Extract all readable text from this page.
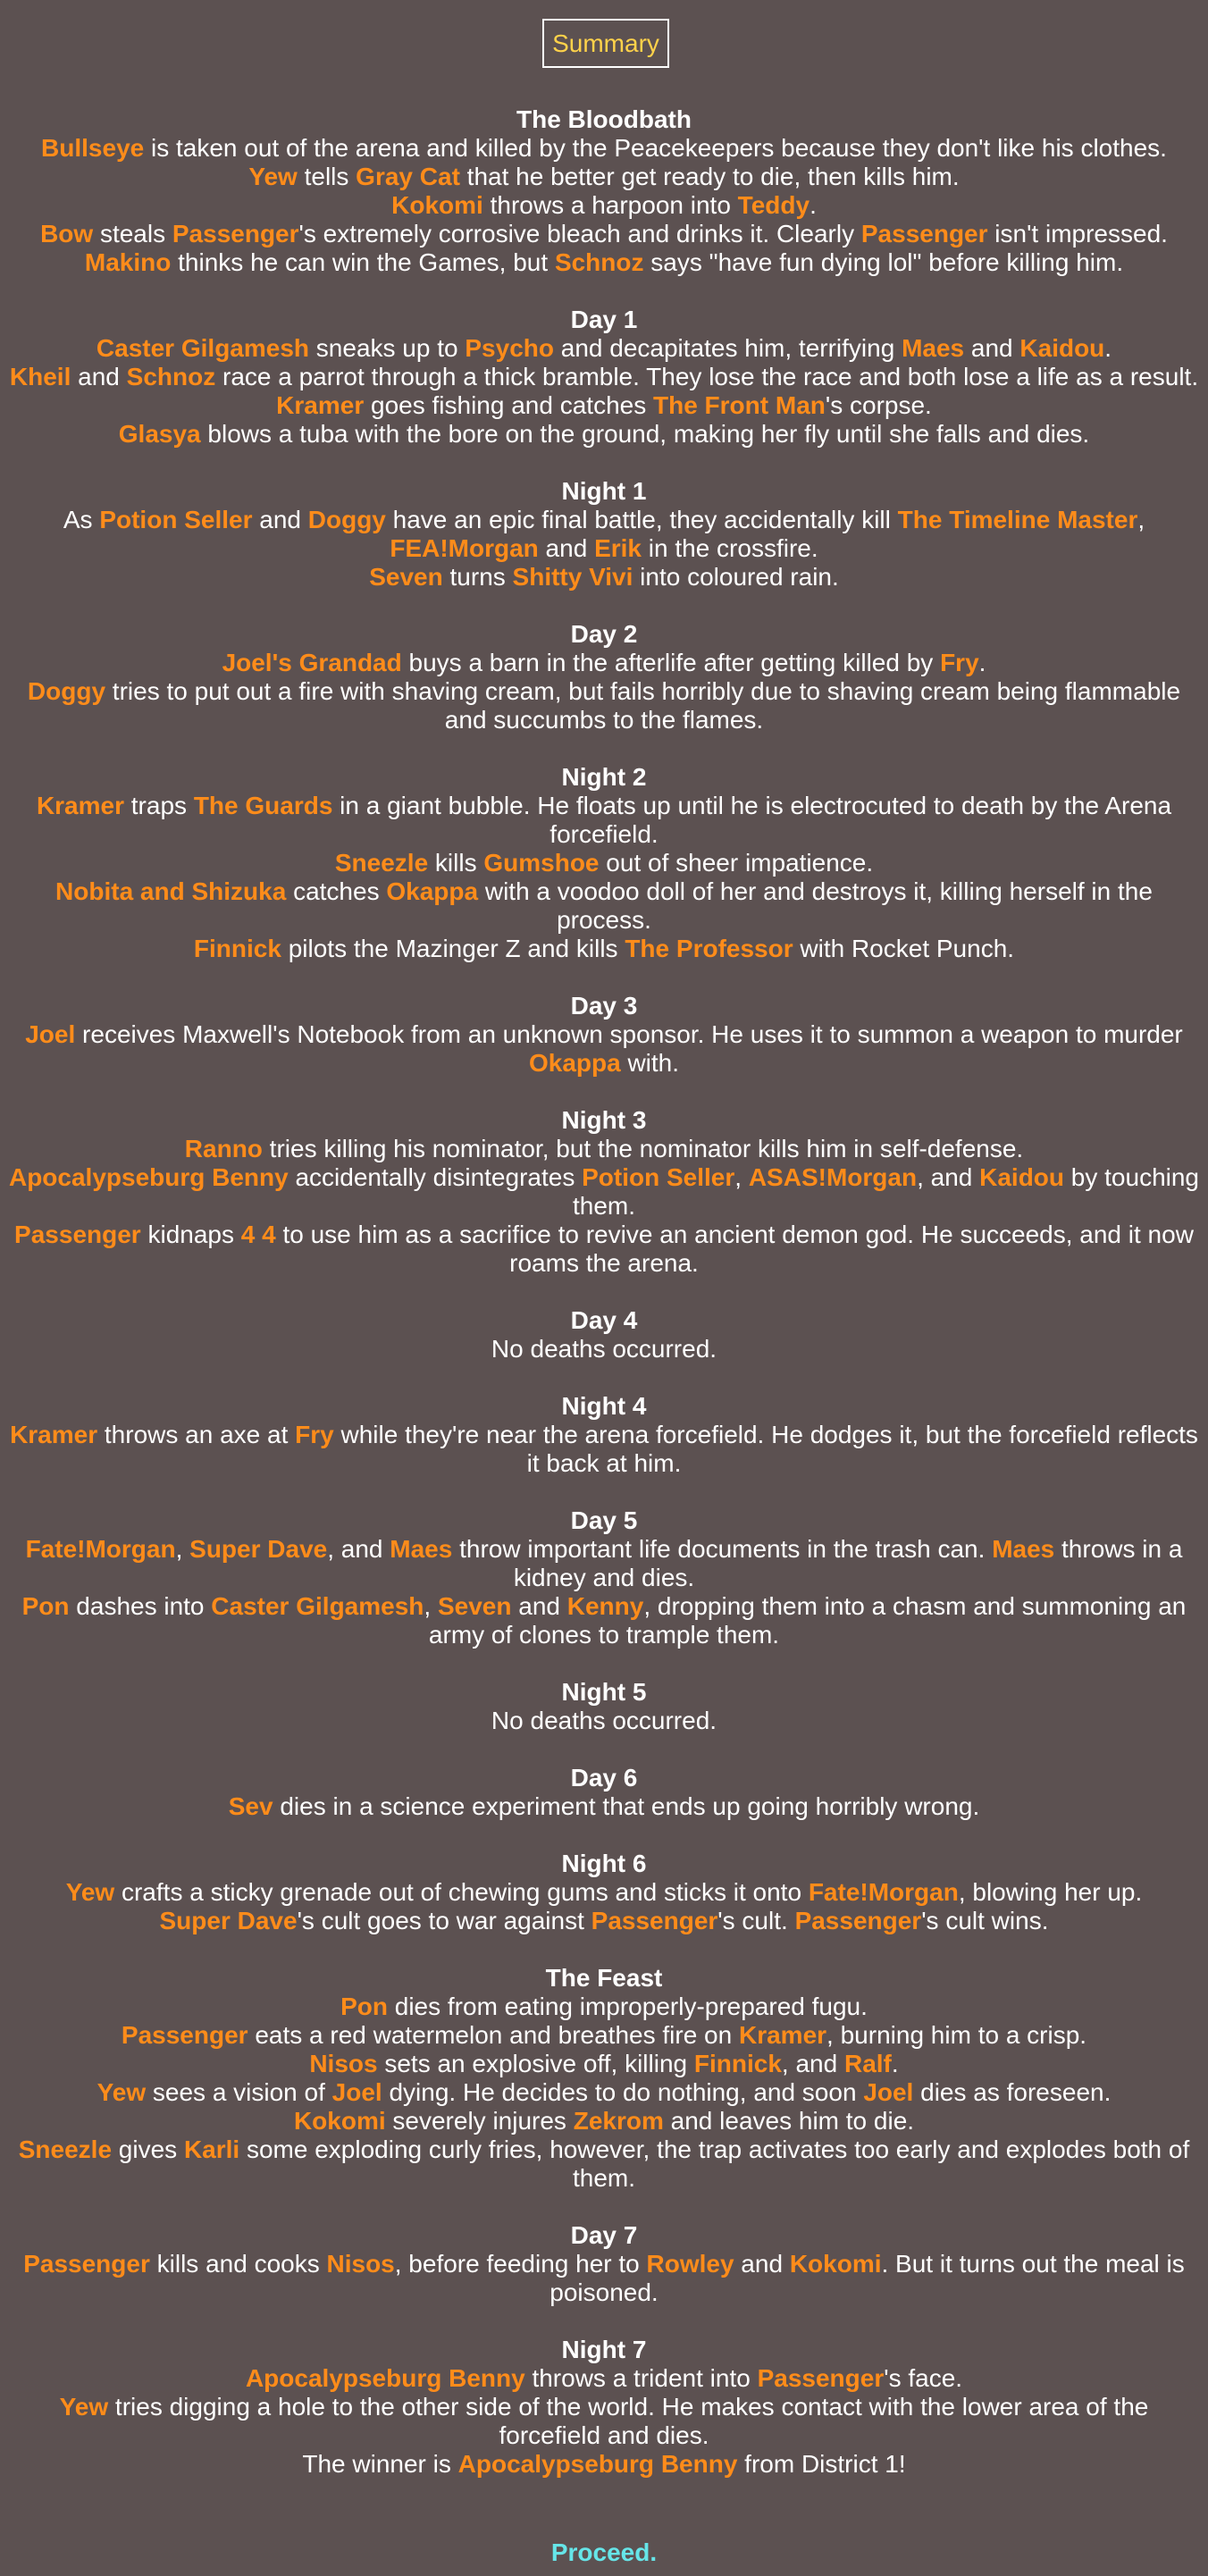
Summary
The Bloodbath
Bullseye is taken out of the arena and killed by the Peacekeepers because they don't like his clothes.
Yew tells Gray Cat that he better get ready to die, then kills him.
Kokomi throws a harpoon into Teddy.
Bow steals Passenger's extremely corrosive bleach and drinks it. Clearly Passenger isn't impressed.
Makino thinks he can win the Games, but Schnoz says "have fun dying lol" before killing him.
Day 1
Caster Gilgamesh sneaks up to Psycho and decapitates him, terrifying Maes and Kaidou.
Kheil and Schnoz race a parrot through a thick bramble. They lose the race and both lose a life as a result.
Kramer goes fishing and catches The Front Man's corpse.
Glasya blows a tuba with the bore on the ground, making her fly until she falls and dies.
Night 1
As Potion Seller and Doggy have an epic final battle, they accidentally kill The Timeline Master, FEA!Morgan and Erik in the crossfire.
Seven turns Shitty Vivi into coloured rain.
Day 2
Joel's Grandad buys a barn in the afterlife after getting killed by Fry.
Doggy tries to put out a fire with shaving cream, but fails horribly due to shaving cream being flammable and succumbs to the flames.
Night 2
Kramer traps The Guards in a giant bubble. He floats up until he is electrocuted to death by the Arena forcefield.
Sneezle kills Gumshoe out of sheer impatience.
Nobita and Shizuka catches Okappa with a voodoo doll of her and destroys it, killing herself in the process.
Finnick pilots the Mazinger Z and kills The Professor with Rocket Punch.
Day 3
Joel receives Maxwell's Notebook from an unknown sponsor. He uses it to summon a weapon to murder Okappa with.
Night 3
Ranno tries killing his nominator, but the nominator kills him in self-defense.
Apocalypseburg Benny accidentally disintegrates Potion Seller, ASAS!Morgan, and Kaidou by touching them.
Passenger kidnaps 4 4 to use him as a sacrifice to revive an ancient demon god. He succeeds, and it now roams the arena.
Day 4
No deaths occurred.
Night 4
Kramer throws an axe at Fry while they're near the arena forcefield. He dodges it, but the forcefield reflects it back at him.
Day 5
Fate!Morgan, Super Dave, and Maes throw important life documents in the trash can. Maes throws in a kidney and dies.
Pon dashes into Caster Gilgamesh, Seven and Kenny, dropping them into a chasm and summoning an army of clones to trample them.
Night 5
No deaths occurred.
Day 6
Sev dies in a science experiment that ends up going horribly wrong.
Night 6
Yew crafts a sticky grenade out of chewing gums and sticks it onto Fate!Morgan, blowing her up.
Super Dave's cult goes to war against Passenger's cult. Passenger's cult wins.
The Feast
Pon dies from eating improperly-prepared fugu.
Passenger eats a red watermelon and breathes fire on Kramer, burning him to a crisp.
Nisos sets an explosive off, killing Finnick, and Ralf.
Yew sees a vision of Joel dying. He decides to do nothing, and soon Joel dies as foreseen.
Kokomi severely injures Zekrom and leaves him to die.
Sneezle gives Karli some exploding curly fries, however, the trap activates too early and explodes both of them.
Day 7
Passenger kills and cooks Nisos, before feeding her to Rowley and Kokomi. But it turns out the meal is poisoned.
Night 7
Apocalypseburg Benny throws a trident into Passenger's face.
Yew tries digging a hole to the other side of the world. He makes contact with the lower area of the forcefield and dies.
The winner is Apocalypseburg Benny from District 1!
Proceed.
